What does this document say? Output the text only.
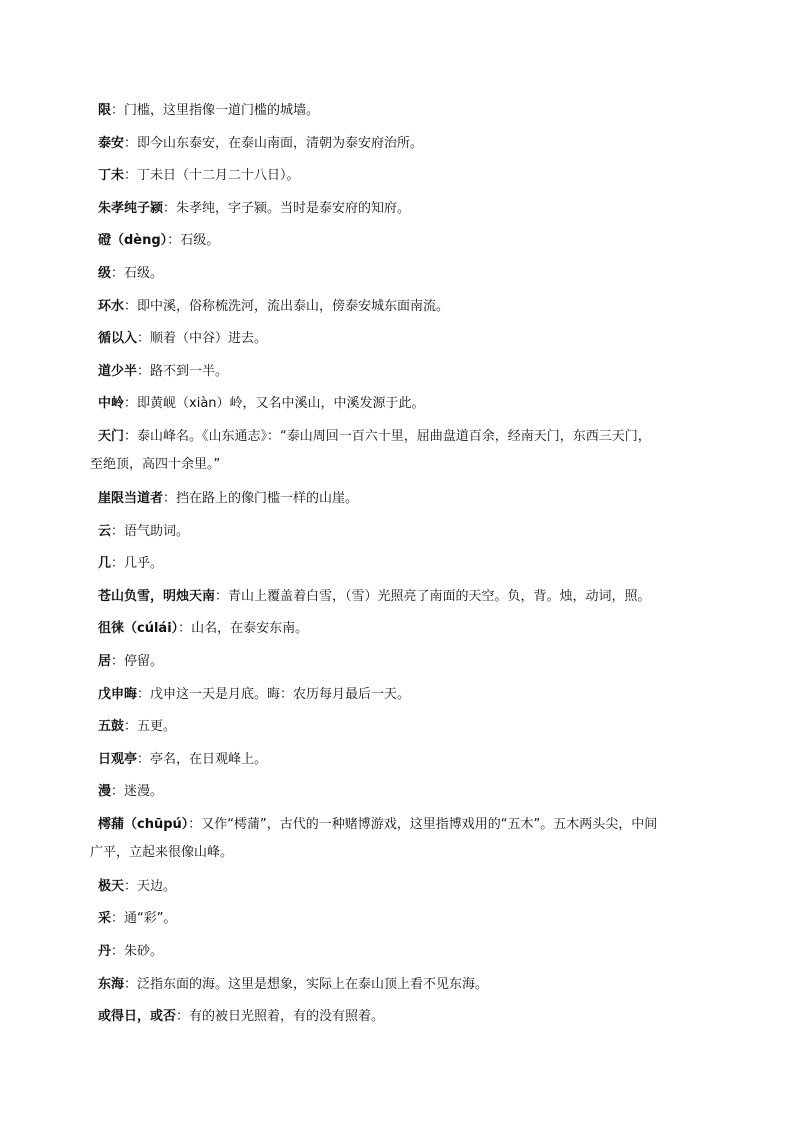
限：门槛，这里指像一道门槛的城墙。

泰安：即今山东泰安，在泰山南面，清朝为泰安府治所。

丁未：丁未日（十二月二十八日）。

朱孝纯子颍：朱孝纯，字子颍。当时是泰安府的知府。

磴（dèng）：石级。

级：石级。

环水：即中溪，俗称梳洗河，流出泰山，傍泰安城东面南流。

循以入：顺着（中谷）进去。

道少半：路不到一半。

中岭：即黄岘（xiàn）岭，又名中溪山，中溪发源于此。

天门：泰山峰名。《山东通志》：“泰山周回一百六十里，屈曲盘道百余，经南天门，东西三天门，
至绝顶，高四十余里。”

崖限当道者：挡在路上的像门槛一样的山崖。

云：语气助词。

几：几乎。

苍山负雪，明烛天南：青山上覆盖着白雪，（雪）光照亮了南面的天空。负，背。烛，动词，照。

徂徕（cúlái）：山名，在泰安东南。

居：停留。

戊申晦：戊申这一天是月底。晦：农历每月最后一天。

五鼓：五更。

日观亭：亭名，在日观峰上。

漫：迷漫。

樗蒱（chūpú）：又作“樗蒲”，古代的一种赌博游戏，这里指博戏用的“五木”。五木两头尖，中间
广平，立起来很像山峰。

极天：天边。

采：通“彩”。

丹：朱砂。

东海：泛指东面的海。这里是想象，实际上在泰山顶上看不见东海。

或得日，或否：有的被日光照着，有的没有照着。
